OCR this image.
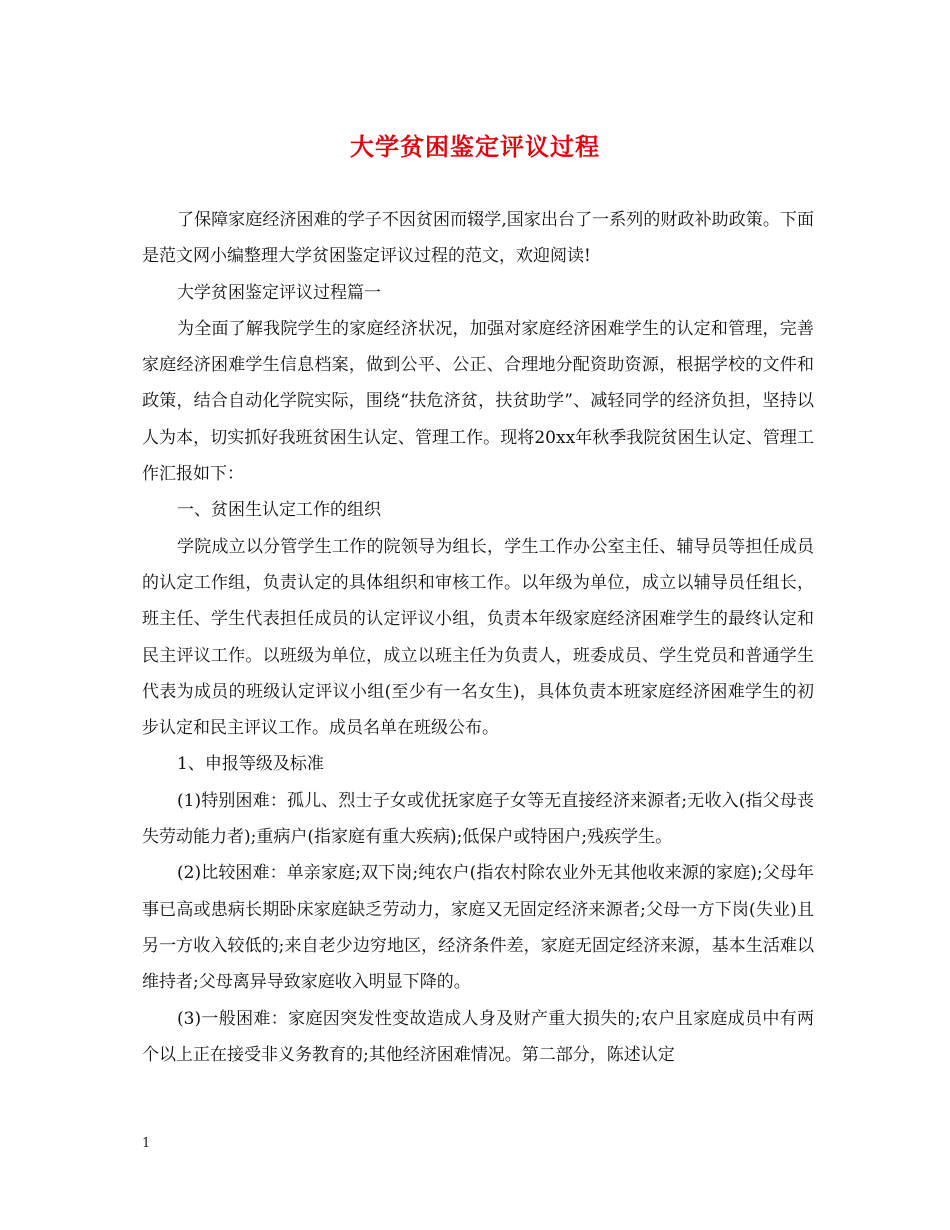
大学贫困鉴定评议过程

了保障家庭经济困难的学子不因贫困而辍学,国家出台了一系列的财政补助政策。下面是范文网小编整理大学贫困鉴定评议过程的范文，欢迎阅读!

大学贫困鉴定评议过程篇一

为全面了解我院学生的家庭经济状况，加强对家庭经济困难学生的认定和管理，完善家庭经济困难学生信息档案，做到公平、公正、合理地分配资助资源，根据学校的文件和政策，结合自动化学院实际，围绕“扶危济贫，扶贫助学”、减轻同学的经济负担，坚持以人为本，切实抓好我班贫困生认定、管理工作。现将20xx年秋季我院贫困生认定、管理工作汇报如下：

一、贫困生认定工作的组织

学院成立以分管学生工作的院领导为组长，学生工作办公室主任、辅导员等担任成员的认定工作组，负责认定的具体组织和审核工作。以年级为单位，成立以辅导员任组长，班主任、学生代表担任成员的认定评议小组，负责本年级家庭经济困难学生的最终认定和民主评议工作。以班级为单位，成立以班主任为负责人，班委成员、学生党员和普通学生代表为成员的班级认定评议小组(至少有一名女生)，具体负责本班家庭经济困难学生的初步认定和民主评议工作。成员名单在班级公布。

1、申报等级及标准

(1)特别困难：孤儿、烈士子女或优抚家庭子女等无直接经济来源者;无收入(指父母丧失劳动能力者);重病户(指家庭有重大疾病);低保户或特困户;残疾学生。

(2)比较困难：单亲家庭;双下岗;纯农户(指农村除农业外无其他收来源的家庭);父母年事已高或患病长期卧床家庭缺乏劳动力，家庭又无固定经济来源者;父母一方下岗(失业)且另一方收入较低的;来自老少边穷地区，经济条件差，家庭无固定经济来源，基本生活难以维持者;父母离异导致家庭收入明显下降的。

(3)一般困难：家庭因突发性变故造成人身及财产重大损失的;农户且家庭成员中有两个以上正在接受非义务教育的;其他经济困难情况。第二部分，陈述认定

1
